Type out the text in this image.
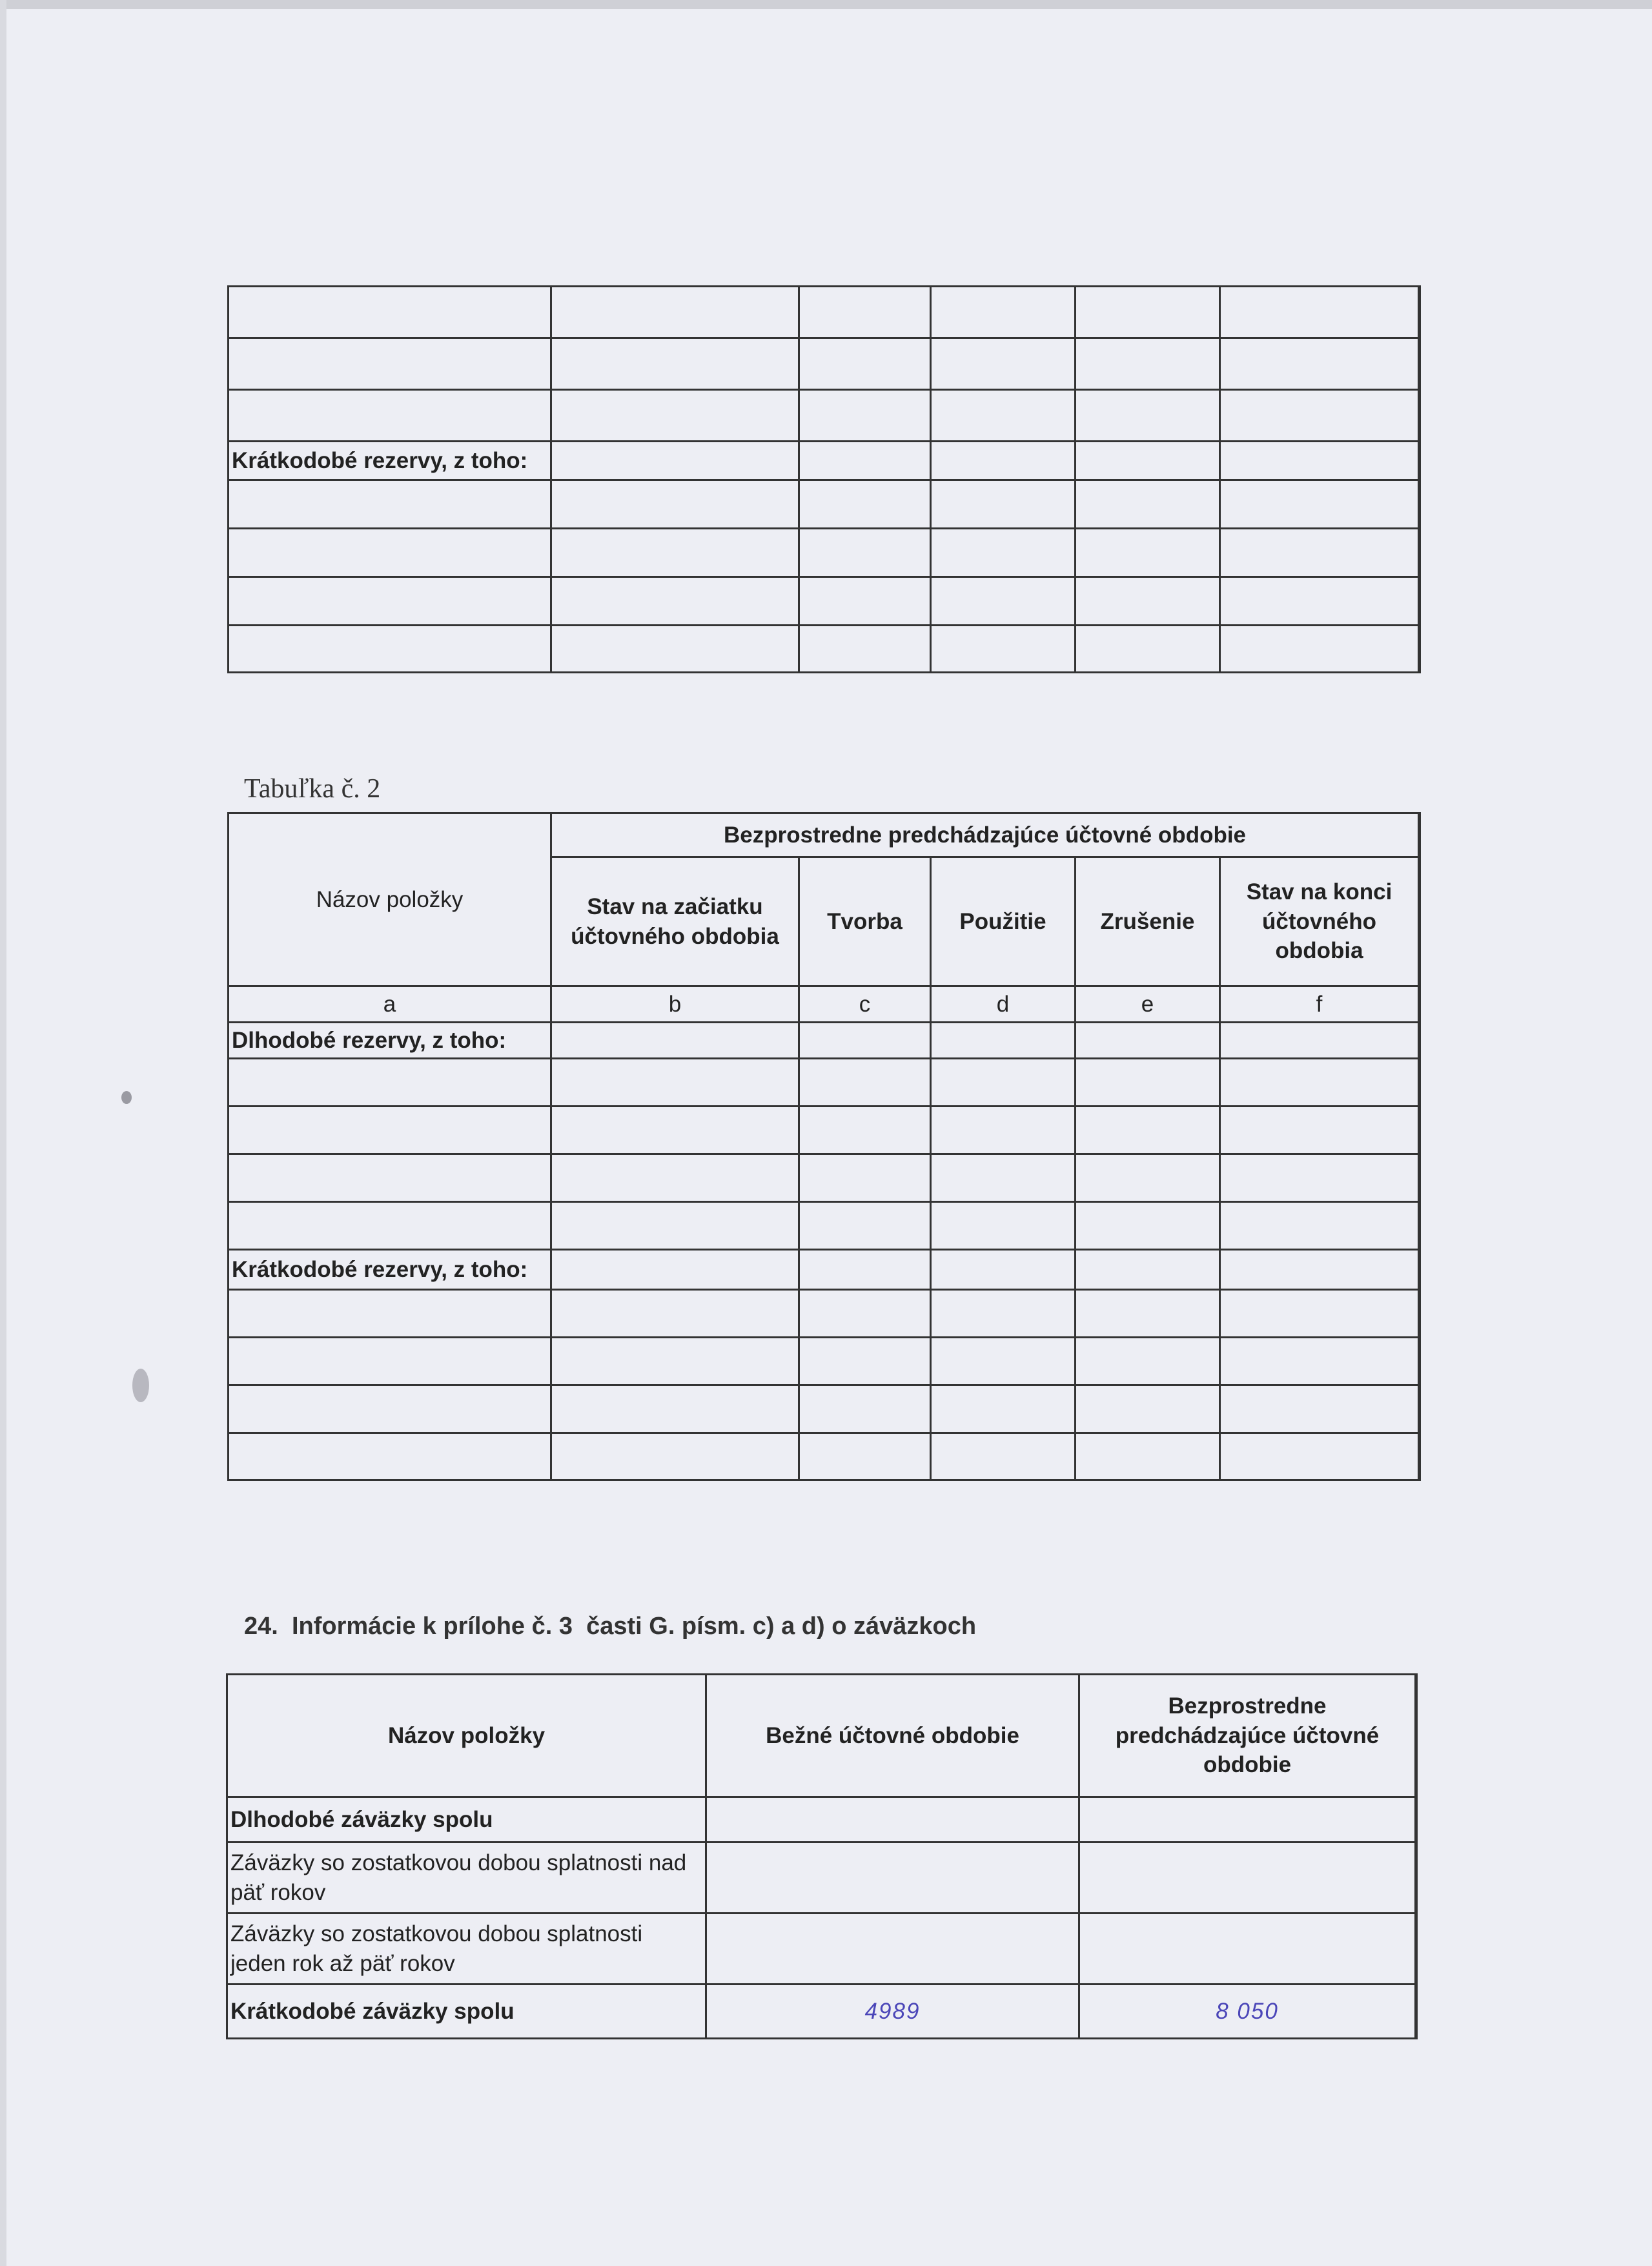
Krátkodobé rezervy, z toho:					

Tabuľka č. 2
Názov položky	Bezprostredne predchádzajúce účtovné obdobie				
	Stav na začiatku účtovného obdobia	Tvorba	Použitie	Zrušenie	Stav na konci účtovného obdobia
a	b	c	d	e	f
Dlhodobé rezervy, z toho:					

Krátkodobé rezervy, z toho:					

24.  Informácie k prílohe č. 3  časti G. písm. c) a d) o záväzkoch
Názov položky	Bežné účtovné obdobie	Bezprostredne predchádzajúce účtovné obdobie
Dlhodobé záväzky spolu		
Záväzky so zostatkovou dobou splatnosti nad päť rokov		
Záväzky so zostatkovou dobou splatnosti jeden rok až päť rokov		
Krátkodobé záväzky spolu	4989	8 050
